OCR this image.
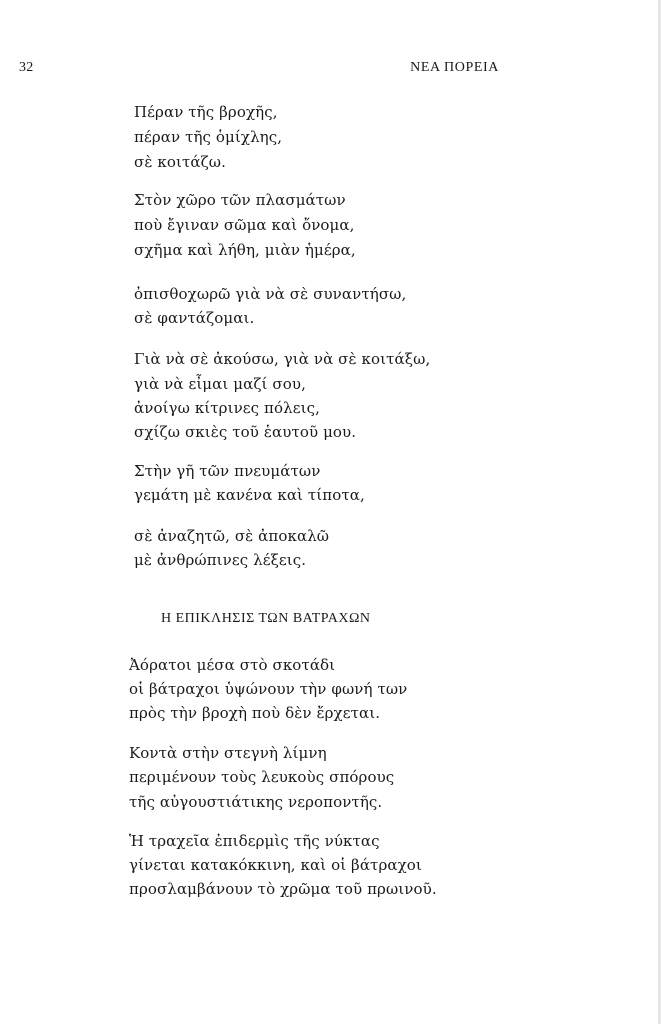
32	ΝΕΑ ΠΟΡΕΙΑ
Πέραν τῆς βροχῆς,
πέραν τῆς ὁμίχλης,
σὲ κοιτάζω.
Στὸν χῶρο τῶν πλασμάτων
ποὺ ἔγιναν σῶμα καὶ ὄνομα,
σχῆμα καὶ λήθη, μιὰν ἡμέρα,
ὀπισθοχωρῶ γιὰ νὰ σὲ συναντήσω,
σὲ φαντάζομαι.
Γιὰ νὰ σὲ ἀκούσω, γιὰ νὰ σὲ κοιτάξω,
γιὰ νὰ εἶμαι μαζί σου,
ἀνοίγω κίτρινες πόλεις,
σχίζω σκιὲς τοῦ ἑαυτοῦ μου.
Στὴν γῆ τῶν πνευμάτων
γεμάτη μὲ κανένα καὶ τίποτα,
σὲ ἀναζητῶ, σὲ ἀποκαλῶ
μὲ ἀνθρώπινες λέξεις.
Η ΕΠΙΚΛΗΣΙΣ ΤΩΝ ΒΑΤΡΑΧΩΝ
Ἀόρατοι μέσα στὸ σκοτάδι
οἱ βάτραχοι ὑψώνουν τὴν φωνή των
πρὸς τὴν βροχὴ ποὺ δὲν ἔρχεται.
Κοντὰ στὴν στεγνὴ λίμνη
περιμένουν τοὺς λευκοὺς σπόρους
τῆς αὐγουστιάτικης νεροποντῆς.
Ἡ τραχεῖα ἐπιδερμὶς τῆς νύκτας
γίνεται κατακόκκινη, καὶ οἱ βάτραχοι
προσλαμβάνουν τὸ χρῶμα τοῦ πρωινοῦ.
